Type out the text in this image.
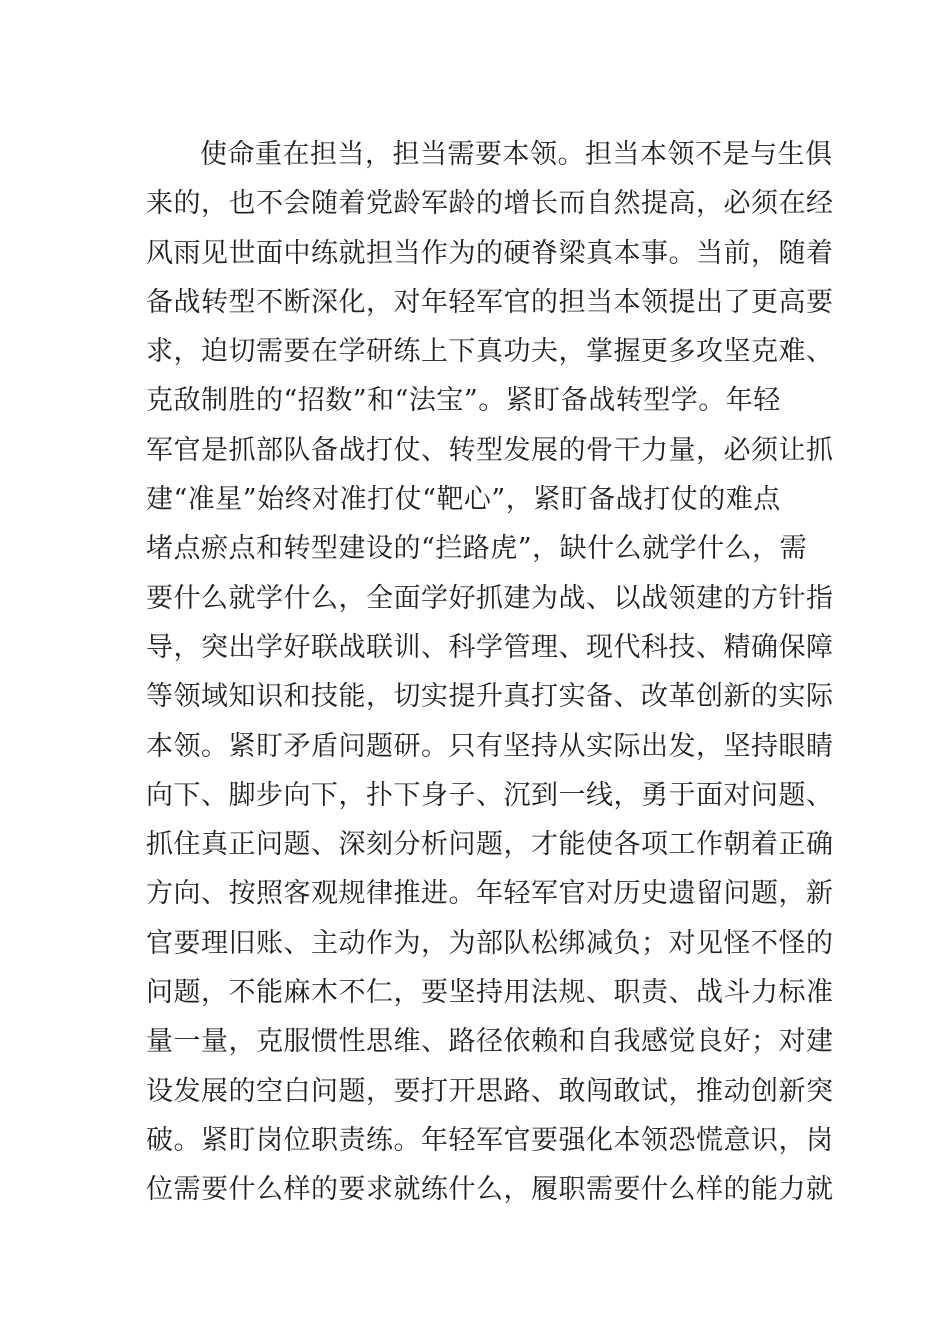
使命重在担当，担当需要本领。担当本领不是与生俱
来的，也不会随着党龄军龄的增长而自然提高，必须在经
风雨见世面中练就担当作为的硬脊梁真本事。当前，随着
备战转型不断深化，对年轻军官的担当本领提出了更高要
求，迫切需要在学研练上下真功夫，掌握更多攻坚克难、
克敌制胜的“招数”和“法宝”。紧盯备战转型学。年轻
军官是抓部队备战打仗、转型发展的骨干力量，必须让抓
建“准星”始终对准打仗“靶心”，紧盯备战打仗的难点
堵点瘀点和转型建设的“拦路虎”，缺什么就学什么，需
要什么就学什么，全面学好抓建为战、以战领建的方针指
导，突出学好联战联训、科学管理、现代科技、精确保障
等领域知识和技能，切实提升真打实备、改革创新的实际
本领。紧盯矛盾问题研。只有坚持从实际出发，坚持眼睛
向下、脚步向下，扑下身子、沉到一线，勇于面对问题、
抓住真正问题、深刻分析问题，才能使各项工作朝着正确
方向、按照客观规律推进。年轻军官对历史遗留问题，新
官要理旧账、主动作为，为部队松绑减负；对见怪不怪的
问题，不能麻木不仁，要坚持用法规、职责、战斗力标准
量一量，克服惯性思维、路径依赖和自我感觉良好；对建
设发展的空白问题，要打开思路、敢闯敢试，推动创新突
破。紧盯岗位职责练。年轻军官要强化本领恐慌意识，岗
位需要什么样的要求就练什么，履职需要什么样的能力就
